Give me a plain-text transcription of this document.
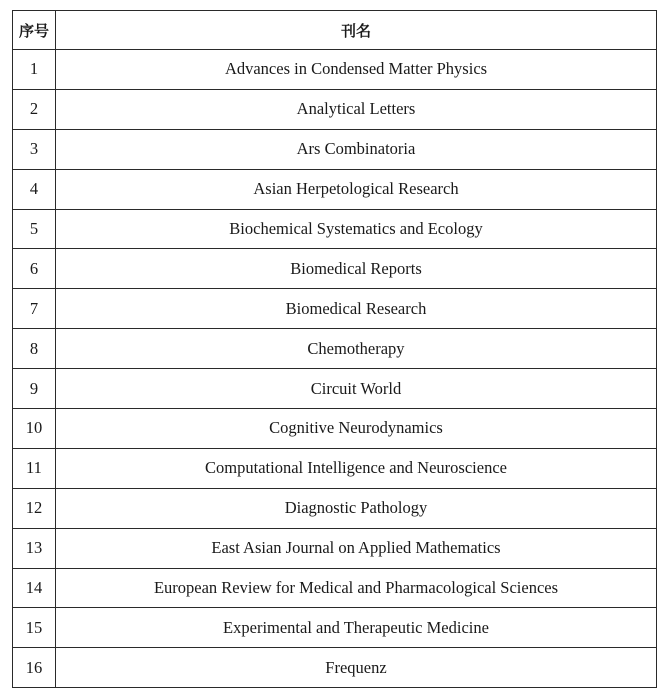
序号	刊名
1	Advances in Condensed Matter Physics
2	Analytical Letters
3	Ars Combinatoria
4	Asian Herpetological Research
5	Biochemical Systematics and Ecology
6	Biomedical Reports
7	Biomedical Research
8	Chemotherapy
9	Circuit World
10	Cognitive Neurodynamics
11	Computational Intelligence and Neuroscience
12	Diagnostic Pathology
13	East Asian Journal on Applied Mathematics
14	European Review for Medical and Pharmacological Sciences
15	Experimental and Therapeutic Medicine
16	Frequenz
